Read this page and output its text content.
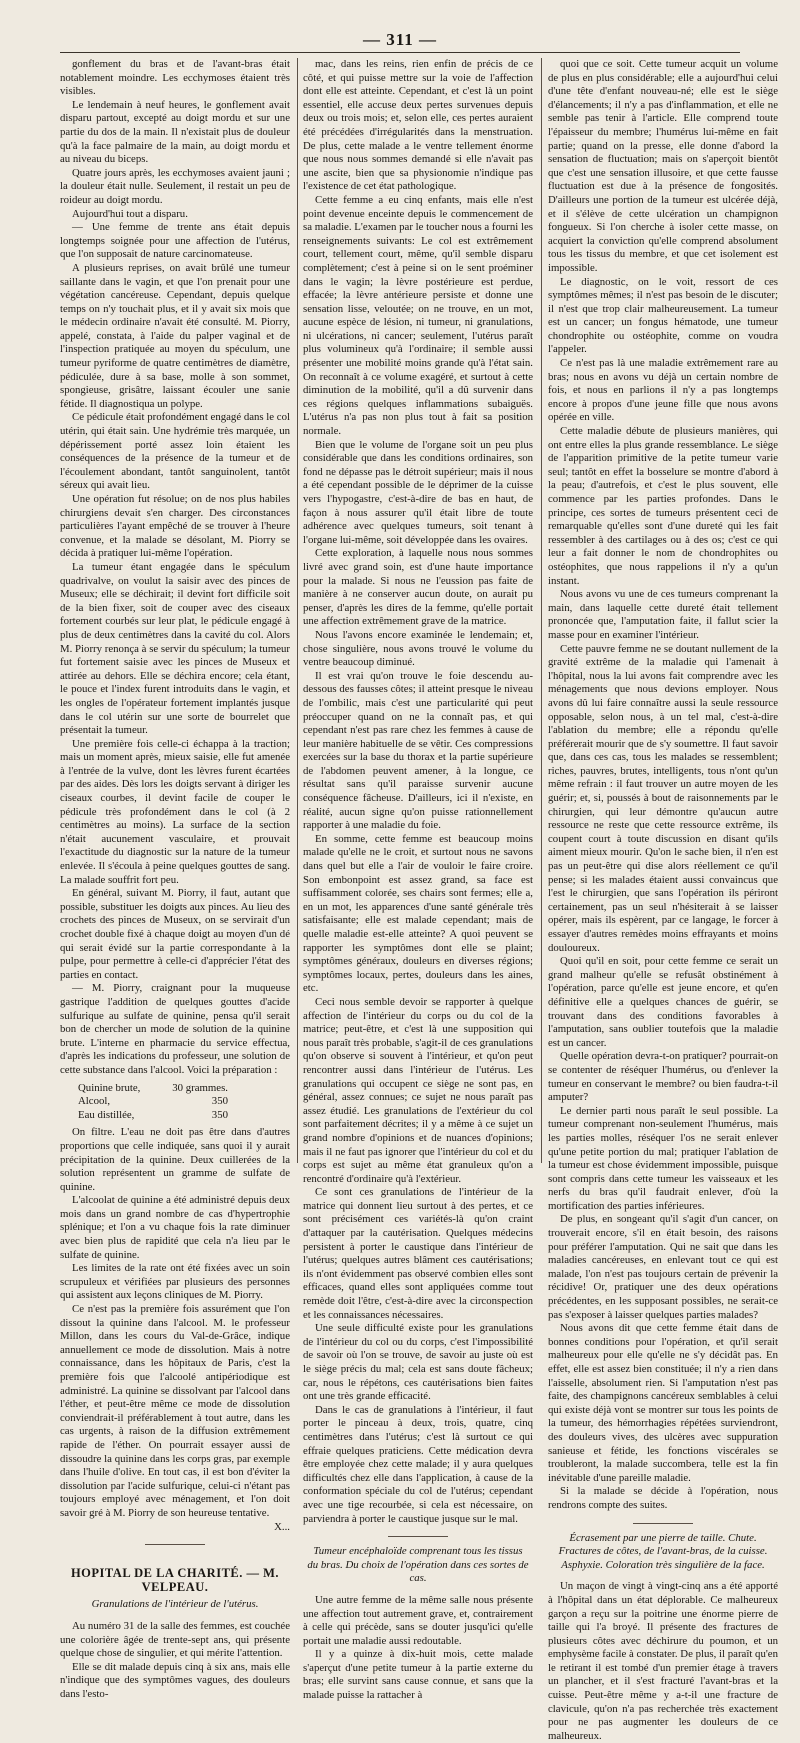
— 311 —

gonflement du bras et de l'avant-bras était notablement moindre. Les ecchymoses étaient très visibles.

Le lendemain à neuf heures, le gonflement avait disparu partout, excepté au doigt mordu et sur une partie du dos de la main. Il n'existait plus de douleur qu'à la face palmaire de la main, au doigt mordu et au niveau du biceps.

Quatre jours après, les ecchymoses avaient jauni ; la douleur était nulle. Seulement, il restait un peu de roideur au doigt mordu.

Aujourd'hui tout a disparu.

— Une femme de trente ans était depuis longtemps soignée pour une affection de l'utérus, que l'on supposait de nature carcinomateuse.

A plusieurs reprises, on avait brûlé une tumeur saillante dans le vagin, et que l'on prenait pour une végétation cancéreuse. Cependant, depuis quelque temps on n'y touchait plus, et il y avait six mois que le médecin ordinaire n'avait été consulté. M. Piorry, appelé, constata, à l'aide du palper vaginal et de l'inspection pratiquée au moyen du spéculum, une tumeur pyriforme de quatre centimètres de diamètre, pédiculée, dure à sa base, molle à son sommet, spongieuse, grisâtre, laissant écouler une sanie fétide. Il diagnostiqua un polype.

Ce pédicule était profondément engagé dans le col utérin, qui était sain. Une hydrémie très marquée, un dépérissement porté assez loin étaient les conséquences de la présence de la tumeur et de l'écoulement abondant, tantôt sanguinolent, tantôt séreux qui avait lieu.

Une opération fut résolue; on de nos plus habiles chirurgiens devait s'en charger. Des circonstances particulières l'ayant empêché de se trouver à l'heure convenue, et la malade se désolant, M. Piorry se décida à pratiquer lui-même l'opération.

La tumeur étant engagée dans le spéculum quadrivalve, on voulut la saisir avec des pinces de Museux; elle se déchirait; il devint fort difficile soit de la bien fixer, soit de couper avec des ciseaux fortement courbés sur leur plat, le pédicule engagé à plus de deux centimètres dans la cavité du col. Alors M. Piorry renonça à se servir du spéculum; la tumeur fut fortement saisie avec les pinces de Museux et attirée au dehors. Elle se déchira encore; cela étant, le pouce et l'index furent introduits dans le vagin, et les ongles de l'opérateur fortement implantés jusque dans le col utérin sur une sorte de bourrelet que présentait la tumeur.

Une première fois celle-ci échappa à la traction; mais un moment après, mieux saisie, elle fut amenée à l'entrée de la vulve, dont les lèvres furent écartées par des aides. Dès lors les doigts servant à diriger les ciseaux courbes, il devint facile de couper le pédicule très profondément dans le col (à 2 centimètres au moins). La surface de la section n'était aucunement vasculaire, et prouvait l'exactitude du diagnostic sur la nature de la tumeur enlevée. Il s'écoula à peine quelques gouttes de sang. La malade souffrit fort peu.

En général, suivant M. Piorry, il faut, autant que possible, substituer les doigts aux pinces. Au lieu des crochets des pinces de Museux, on se servirait d'un crochet double fixé à chaque doigt au moyen d'un dé qui serait évidé sur la partie correspondante à la pulpe, pour permettre à celle-ci d'apprécier l'état des parties en contact.

— M. Piorry, craignant pour la muqueuse gastrique l'addition de quelques gouttes d'acide sulfurique au sulfate de quinine, pensa qu'il serait bon de chercher un mode de solution de la quinine brute. L'interne en pharmacie du service effectua, d'après les indications du professeur, une solution de cette substance dans l'alcool. Voici la préparation :

Quinine brute,	30 grammes.
Alcool,	350
Eau distillée,	350

On filtre. L'eau ne doit pas être dans d'autres proportions que celle indiquée, sans quoi il y aurait précipitation de la quinine. Deux cuillerées de la solution représentent un gramme de sulfate de quinine.

L'alcoolat de quinine a été administré depuis deux mois dans un grand nombre de cas d'hypertrophie splénique; et l'on a vu chaque fois la rate diminuer avec bien plus de rapidité que cela n'a lieu par le sulfate de quinine.

Les limites de la rate ont été fixées avec un soin scrupuleux et vérifiées par plusieurs des personnes qui assistent aux leçons cliniques de M. Piorry.

Ce n'est pas la première fois assurément que l'on dissout la quinine dans l'alcool. M. le professeur Millon, dans les cours du Val-de-Grâce, indique annuellement ce mode de dissolution. Mais à notre connaissance, dans les hôpitaux de Paris, c'est la première fois que l'alcoolé antipériodique est administré. La quinine se dissolvant par l'alcool dans l'éther, et peut-être même ce mode de dissolution conviendrait-il préférablement à tout autre, dans les cas urgents, à raison de la diffusion extrêmement rapide de l'éther. On pourrait essayer aussi de dissoudre la quinine dans les corps gras, par exemple dans l'huile d'olive. En tout cas, il est bon d'éviter la dissolution par l'acide sulfurique, celui-ci n'étant pas toujours employé avec ménagement, et l'on doit savoir gré à M. Piorry de son heureuse tentative.

X...

HOPITAL DE LA CHARITÉ. — M. VELPEAU.

Granulations de l'intérieur de l'utérus.

Au numéro 31 de la salle des femmes, est couchée une colorière âgée de trente-sept ans, qui présente quelque chose de singulier, et qui mérite l'attention.

Elle se dit malade depuis cinq à six ans, mais elle n'indique que des symptômes vagues, des douleurs dans l'esto-

mac, dans les reins, rien enfin de précis de ce côté, et qui puisse mettre sur la voie de l'affection dont elle est atteinte. Cependant, et c'est là un point essentiel, elle accuse deux pertes survenues depuis deux ou trois mois; et, selon elle, ces pertes auraient été précédées d'irrégularités dans la menstruation. De plus, cette malade a le ventre tellement énorme que nous nous sommes demandé si elle n'avait pas une ascite, bien que sa physionomie n'indique pas l'existence de cet état pathologique.

Cette femme a eu cinq enfants, mais elle n'est point devenue enceinte depuis le commencement de sa maladie. L'examen par le toucher nous a fourni les renseignements suivants: Le col est extrêmement court, tellement court, même, qu'il semble disparu complètement; c'est à peine si on le sent proéminer dans le vagin; la lèvre postérieure est perdue, effacée; la lèvre antérieure persiste et donne une sensation lisse, veloutée; on ne trouve, en un mot, aucune espèce de lésion, ni tumeur, ni granulations, ni ulcérations, ni cancer; seulement, l'utérus paraît plus volumineux qu'à l'ordinaire; il semble aussi présenter une mobilité moins grande qu'à l'état sain. On reconnaît à ce volume exagéré, et surtout à cette diminution de la mobilité, qu'il a dû survenir dans ces régions quelques inflammations subaiguës. L'utérus n'a pas non plus tout à fait sa position normale.

Bien que le volume de l'organe soit un peu plus considérable que dans les conditions ordinaires, son fond ne dépasse pas le détroit supérieur; mais il nous a été cependant possible de le déprimer de la cuisse vers l'hypogastre, c'est-à-dire de bas en haut, de façon à nous assurer qu'il était libre de toute adhérence avec quelques tumeurs, soit tenant à l'organe lui-même, soit développée dans les ovaires.

Cette exploration, à laquelle nous nous sommes livré avec grand soin, est d'une haute importance pour la malade. Si nous ne l'eussion pas faite de manière à ne conserver aucun doute, on aurait pu penser, d'après les dires de la femme, qu'elle portait une affection extrêmement grave de la matrice.

Nous l'avons encore examinée le lendemain; et, chose singulière, nous avons trouvé le volume du ventre beaucoup diminué.

Il est vrai qu'on trouve le foie descendu au-dessous des fausses côtes; il atteint presque le niveau de l'ombilic, mais c'est une particularité qui peut préoccuper quand on ne la connaît pas, et qui cependant n'est pas rare chez les femmes à cause de leur manière habituelle de se vêtir. Ces compressions exercées sur la base du thorax et la partie supérieure de l'abdomen peuvent amener, à la longue, ce résultat sans qu'il paraisse survenir aucune conséquence fâcheuse. D'ailleurs, ici il n'existe, en réalité, aucun signe qu'on puisse rationnellement rapporter à une maladie du foie.

En somme, cette femme est beaucoup moins malade qu'elle ne le croit, et surtout nous ne savons dans quel but elle a l'air de vouloir le faire croire. Son embonpoint est assez grand, sa face est suffisamment colorée, ses chairs sont fermes; elle a, en un mot, les apparences d'une santé générale très satisfaisante; elle est malade cependant; mais de quelle maladie est-elle atteinte? A quoi peuvent se rapporter les symptômes dont elle se plaint; symptômes généraux, douleurs en diverses régions; symptômes locaux, pertes, douleurs dans les aines, etc.

Ceci nous semble devoir se rapporter à quelque affection de l'intérieur du corps ou du col de la matrice; peut-être, et c'est là une supposition qui nous paraît très probable, s'agit-il de ces granulations qu'on observe si souvent à l'intérieur, et qu'on peut rencontrer aussi dans l'intérieur de l'utérus. Les granulations qui occupent ce siège ne sont pas, en général, assez connues; ce sujet ne nous paraît pas assez étudié. Les granulations de l'extérieur du col sont parfaitement décrites; il y a même à ce sujet un grand nombre d'opinions et de nuances d'opinions; mais il ne faut pas ignorer que l'intérieur du col et du corps est sujet au même état granuleux qu'on a rencontré d'ordinaire qu'à l'extérieur.

Ce sont ces granulations de l'intérieur de la matrice qui donnent lieu surtout à des pertes, et ce sont précisément ces variétés-là qu'on craint d'attaquer par la cautérisation. Quelques médecins persistent à porter le caustique dans l'intérieur de l'utérus; quelques autres blâment ces cautérisations; ils n'ont évidemment pas observé combien elles sont efficaces, quand elles sont appliquées comme tout remède doit l'être, c'est-à-dire avec la circonspection et les connaissances nécessaires.

Une seule difficulté existe pour les granulations de l'intérieur du col ou du corps, c'est l'impossibilité de savoir où l'on se trouve, de savoir au juste où est le siège précis du mal; cela est sans doute fâcheux; car, nous le répétons, ces cautérisations bien faites ont une très grande efficacité.

Dans le cas de granulations à l'intérieur, il faut porter le pinceau à deux, trois, quatre, cinq centimètres dans l'utérus; c'est là surtout ce qui effraie quelques praticiens. Cette médication devra être employée chez cette malade; il y aura quelques difficultés chez elle dans l'application, à cause de la conformation spéciale du col de l'utérus; cependant avec une tige recourbée, si cela est nécessaire, on parviendra à porter le caustique jusque sur le mal.

Tumeur encéphaloïde comprenant tous les tissus du bras. Du choix de l'opération dans ces sortes de cas.

Une autre femme de la même salle nous présente une affection tout autrement grave, et, contrairement à celle qui précède, sans se douter jusqu'ici qu'elle portait une maladie aussi redoutable.

Il y a quinze à dix-huit mois, cette malade s'aperçut d'une petite tumeur à la partie externe du bras; elle survint sans cause connue, et sans que la malade puisse la rattacher à

quoi que ce soit. Cette tumeur acquit un volume de plus en plus considérable; elle a aujourd'hui celui d'une tête d'enfant nouveau-né; elle est le siège d'élancements; il n'y a pas d'inflammation, et elle ne semble pas tenir à l'article. Elle comprend toute l'épaisseur du membre; l'humérus lui-même en fait partie; quand on la presse, elle donne d'abord la sensation de fluctuation; mais on s'aperçoit bientôt que c'est une sensation illusoire, et que cette fausse fluctuation est due à la présence de fongosités. D'ailleurs une portion de la tumeur est ulcérée déjà, et il s'élève de cette ulcération un champignon fongueux. Si l'on cherche à isoler cette masse, on acquiert la conviction qu'elle comprend absolument tous les tissus du membre, et que cet isolement est impossible.

Le diagnostic, on le voit, ressort de ces symptômes mêmes; il n'est pas besoin de le discuter; il n'est que trop clair malheureusement. La tumeur est un cancer; un fongus hématode, une tumeur chondrophite ou ostéophite, comme on voudra l'appeler.

Ce n'est pas là une maladie extrêmement rare au bras; nous en avons vu déjà un certain nombre de fois, et nous en parlions il n'y a pas longtemps encore à propos d'une jeune fille que nous avons opérée en ville.

Cette maladie débute de plusieurs manières, qui ont entre elles la plus grande ressemblance. Le siège de l'apparition primitive de la petite tumeur varie seul; tantôt en effet la bosselure se montre d'abord à la peau; d'autrefois, et c'est le plus souvent, elle commence par les parties profondes. Dans le principe, ces sortes de tumeurs présentent ceci de remarquable qu'elles sont d'une dureté qui les fait ressembler à des cartilages ou à des os; c'est ce qui leur a fait donner le nom de chondrophites ou ostéophites, que nous rappelions il n'y a qu'un instant.

Nous avons vu une de ces tumeurs comprenant la main, dans laquelle cette dureté était tellement prononcée que, l'amputation faite, il fallut scier la masse pour en examiner l'intérieur.

Cette pauvre femme ne se doutant nullement de la gravité extrême de la maladie qui l'amenait à l'hôpital, nous la lui avons fait comprendre avec les ménagements que nous devions employer. Nous avons dû lui faire connaître aussi la seule ressource opposable, selon nous, à un tel mal, c'est-à-dire l'ablation du membre; elle a répondu qu'elle préférerait mourir que de s'y soumettre. Il faut savoir que, dans ces cas, tous les malades se ressemblent; riches, pauvres, brutes, intelligents, tous n'ont qu'un même refrain : il faut trouver un autre moyen de les guérir; et, si, poussés à bout de raisonnements par le chirurgien, qui leur démontre qu'aucun autre ressource ne reste que cette ressource extrême, ils coupent court à toute discussion en disant qu'ils aiment mieux mourir. Qu'on le sache bien, il n'en est pas un peut-être qui dise alors réellement ce qu'il pense; si les malades étaient aussi convaincus que l'est le chirurgien, que sans l'opération ils périront certainement, pas un seul n'hésiterait à se laisser opérer, mais ils espèrent, par ce langage, le forcer à essayer d'autres remèdes moins effrayants et moins douloureux.

Quoi qu'il en soit, pour cette femme ce serait un grand malheur qu'elle se refusât obstinément à l'opération, parce qu'elle est jeune encore, et qu'en définitive elle a quelques chances de guérir, se trouvant dans des conditions favorables à l'amputation, sans oublier toutefois que la maladie est un cancer.

Quelle opération devra-t-on pratiquer? pourrait-on se contenter de réséquer l'humérus, ou d'enlever la tumeur en conservant le membre? ou bien faudra-t-il amputer?

Le dernier parti nous paraît le seul possible. La tumeur comprenant non-seulement l'humérus, mais les parties molles, réséquer l'os ne serait enlever qu'une petite portion du mal; pratiquer l'ablation de la tumeur est chose évidemment impossible, puisque sont compris dans cette tumeur les vaisseaux et les nerfs du bras qu'il faudrait enlever, d'où la mortification des parties inférieures.

De plus, en songeant qu'il s'agit d'un cancer, on trouverait encore, s'il en était besoin, des raisons pour préférer l'amputation. Qui ne sait que dans les maladies cancéreuses, en enlevant tout ce qui est malade, l'on n'est pas toujours certain de prévenir la récidive! Or, pratiquer une des deux opérations précédentes, en les supposant possibles, ne serait-ce pas s'exposer à laisser quelques parties malades?

Nous avons dit que cette femme était dans de bonnes conditions pour l'opération, et qu'il serait malheureux pour elle qu'elle ne s'y décidât pas. En effet, elle est assez bien constituée; il n'y a rien dans l'aisselle, absolument rien. Si l'amputation n'est pas faite, des champignons cancéreux semblables à celui qui existe déjà vont se montrer sur tous les points de la tumeur, des hémorrhagies répétées surviendront, des douleurs vives, des ulcères avec suppuration sanieuse et fétide, les fonctions viscérales se troubleront, la malade succombera, telle est la fin inévitable d'une pareille maladie.

Si la malade se décide à l'opération, nous rendrons compte des suites.

Écrasement par une pierre de taille. Chute. Fractures de côtes, de l'avant-bras, de la cuisse. Asphyxie. Coloration très singulière de la face.

Un maçon de vingt à vingt-cinq ans a été apporté à l'hôpital dans un état déplorable. Ce malheureux garçon a reçu sur la poitrine une énorme pierre de taille qui l'a broyé. Il présente des fractures de plusieurs côtes avec déchirure du poumon, et un emphysème facile à constater. De plus, il paraît qu'en le retirant il est tombé d'un premier étage à travers un plancher, et il s'est fracturé l'avant-bras et la cuisse. Peut-être même y a-t-il une fracture de clavicule, qu'on n'a pas recherchée très exactement pour ne pas augmenter les douleurs de ce malheureux.
